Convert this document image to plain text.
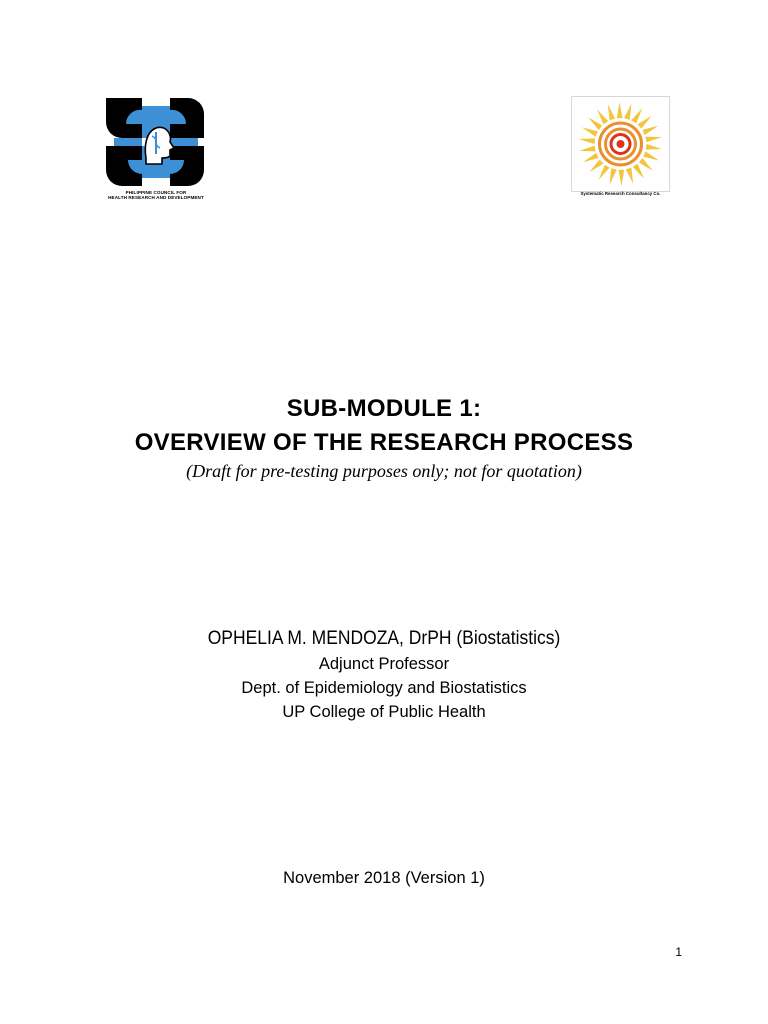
PHILIPPINE COUNCIL FOR
HEALTH RESEARCH AND DEVELOPMENT
Systematic Research Consultancy Co.
SUB-MODULE 1:
OVERVIEW OF THE RESEARCH PROCESS
(Draft for pre-testing purposes only; not for quotation)
OPHELIA M. MENDOZA, DrPH (Biostatistics)
Adjunct Professor
Dept. of Epidemiology and Biostatistics
UP College of Public Health
November 2018 (Version 1)
1
